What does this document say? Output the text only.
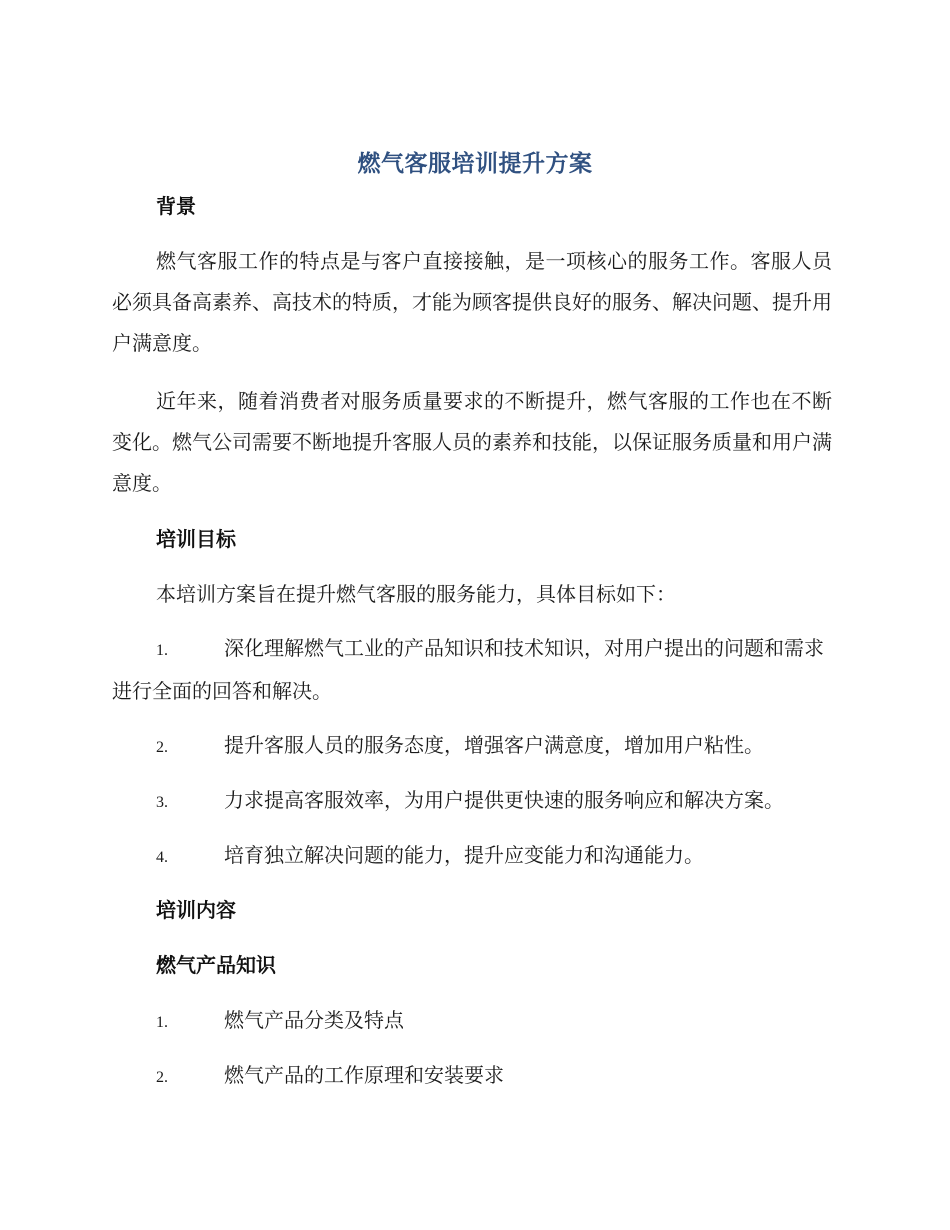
燃气客服培训提升方案
背景
燃气客服工作的特点是与客户直接接触，是一项核心的服务工作。客服人员必须具备高素养、高技术的特质，才能为顾客提供良好的服务、解决问题、提升用户满意度。
近年来，随着消费者对服务质量要求的不断提升，燃气客服的工作也在不断变化。燃气公司需要不断地提升客服人员的素养和技能，以保证服务质量和用户满意度。
培训目标
本培训方案旨在提升燃气客服的服务能力，具体目标如下：
1.	深化理解燃气工业的产品知识和技术知识，对用户提出的问题和需求进行全面的回答和解决。
2.	提升客服人员的服务态度，增强客户满意度，增加用户粘性。
3.	力求提高客服效率，为用户提供更快速的服务响应和解决方案。
4.	培育独立解决问题的能力，提升应变能力和沟通能力。
培训内容
燃气产品知识
1.	燃气产品分类及特点
2.	燃气产品的工作原理和安装要求
